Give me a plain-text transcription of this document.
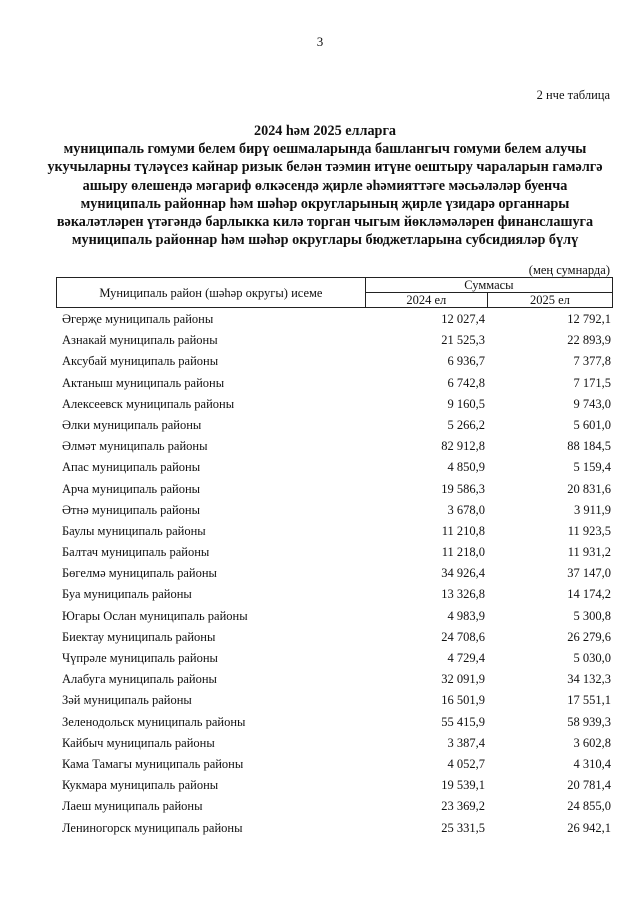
3
2 нче таблица
2024 һәм 2025 елларга
муниципаль гомуми белем бирү оешмаларында башлангыч гомуми белем алучы
укучыларны түләүсез кайнар ризык белән тәэмин итүне оештыру чараларын гамәлгә
ашыру өлешендә мәгариф өлкәсендә җирле әһәмияттәге мәсьәләләр буенча
муниципаль районнар һәм шәһәр округларының җирле үзидарә органнары
вәкаләтләрен үтәгәндә барлыкка килә торган чыгым йөкләмәләрен финанслашуга
муниципаль районнар һәм шәһәр округлары бюджетларына субсидияләр бүлү
(мең сумнарда)
Муниципаль район (шәһәр округы) исеме	Суммасы	
	2024 ел	2025 ел
Әгерҗе муниципаль районы	12 027,4	12 792,1
Азнакай муниципаль районы	21 525,3	22 893,9
Аксубай муниципаль районы	6 936,7	7 377,8
Актаныш муниципаль районы	6 742,8	7 171,5
Алексеевск муниципаль районы	9 160,5	9 743,0
Әлки муниципаль районы	5 266,2	5 601,0
Әлмәт муниципаль районы	82 912,8	88 184,5
Апас муниципаль районы	4 850,9	5 159,4
Арча муниципаль районы	19 586,3	20 831,6
Әтнә муниципаль районы	3 678,0	3 911,9
Баулы муниципаль районы	11 210,8	11 923,5
Балтач муниципаль районы	11 218,0	11 931,2
Бөгелмә муниципаль районы	34 926,4	37 147,0
Буа муниципаль районы	13 326,8	14 174,2
Югары Ослан муниципаль районы	4 983,9	5 300,8
Биектау муниципаль районы	24 708,6	26 279,6
Чүпрәле муниципаль районы	4 729,4	5 030,0
Алабуга муниципаль районы	32 091,9	34 132,3
Зәй муниципаль районы	16 501,9	17 551,1
Зеленодольск муниципаль районы	55 415,9	58 939,3
Кайбыч муниципаль районы	3 387,4	3 602,8
Кама Тамагы муниципаль районы	4 052,7	4 310,4
Кукмара муниципаль районы	19 539,1	20 781,4
Лаеш муниципаль районы	23 369,2	24 855,0
Лениногорск муниципаль районы	25 331,5	26 942,1
